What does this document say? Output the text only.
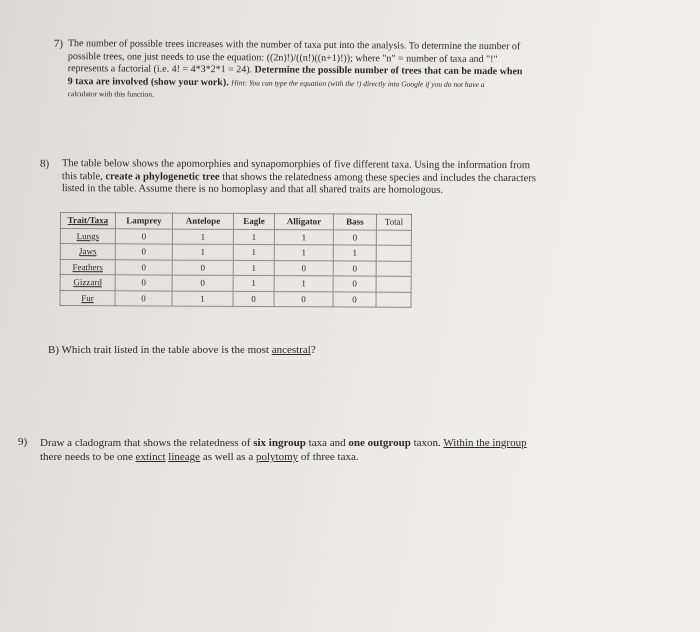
7) The number of possible trees increases with the number of taxa put into the analysis. To determine the number of
possible trees, one just needs to use the equation: ((2n)!)/((n!)((n+1)!)); where "n" = number of taxa and "!"
represents a factorial (i.e. 4! = 4*3*2*1 = 24). Determine the possible number of trees that can be made when
9 taxa are involved (show your work). Hint: You can type the equation (with the !) directly into Google if you do not have a
calculator with this function.
8) The table below shows the apomorphies and synapomorphies of five different taxa. Using the information from
this table, create a phylogenetic tree that shows the relatedness among these species and includes the characters
listed in the table. Assume there is no homoplasy and that all shared traits are homologous.
Trait/Taxa	Lamprey	Antelope	Eagle	Alligator	Bass	Total
Lungs	0	1	1	1	0	
Jaws	0	1	1	1	1	
Feathers	0	0	1	0	0	
Gizzard	0	0	1	1	0	
Fur	0	1	0	0	0	
B) Which trait listed in the table above is the most ancestral?
9) Draw a cladogram that shows the relatedness of six ingroup taxa and one outgroup taxon. Within the ingroup
there needs to be one extinct lineage as well as a polytomy of three taxa.
